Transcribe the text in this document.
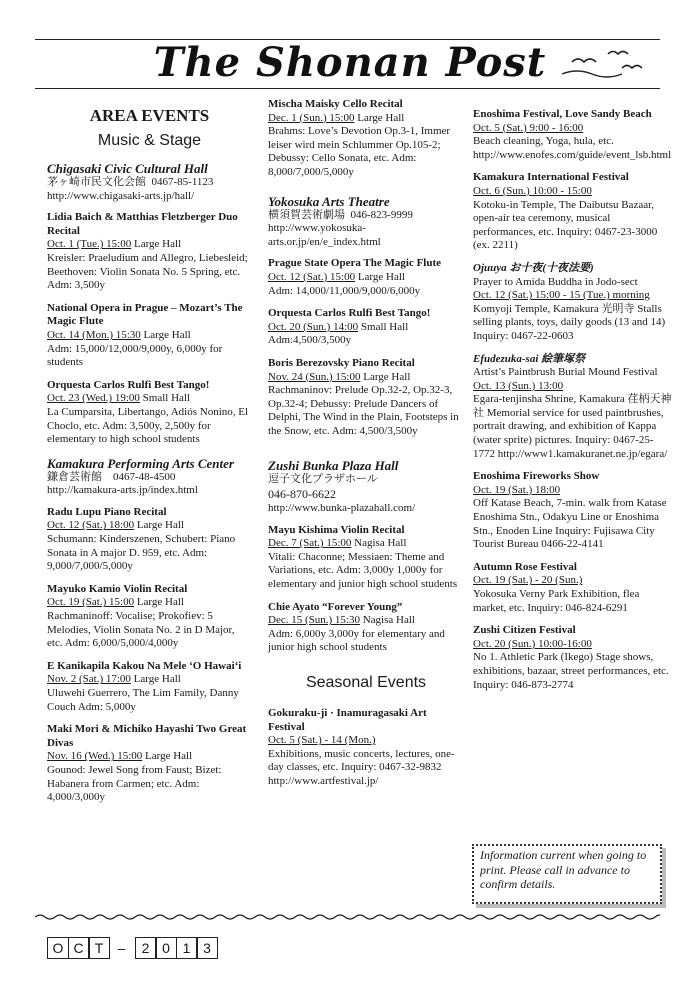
The Shonan Post
AREA EVENTS
Music & Stage
Chigasaki Civic Cultural Hall
茅ヶ崎市民文化会館 0467-85-1123
http://www.chigasaki-arts.jp/hall/
Lidia Baich & Matthias Fletzberger Duo Recital
Oct. 1 (Tue.) 15:00 Large Hall
Kreisler: Praeludium and Allegro, Liebesleid; Beethoven: Violin Sonata No. 5 Spring, etc. Adm: 3,500y
National Opera in Prague – Mozart’s The Magic Flute
Oct. 14 (Mon.) 15:30 Large Hall
Adm: 15,000/12,000/9,000y, 6,000y for students
Orquesta Carlos Rulfi Best Tango!
Oct. 23 (Wed.) 19:00 Small Hall
La Cumparsita, Libertango, Adiós Nonino, El Choclo, etc. Adm: 3,500y, 2,500y for elementary to high school students
Kamakura Performing Arts Center
鎌倉芸術館 0467-48-4500
http://kamakura-arts.jp/index.html
Radu Lupu Piano Recital
Oct. 12 (Sat.) 18:00 Large Hall
Schumann: Kinderszenen, Schubert: Piano Sonata in A major D. 959, etc. Adm: 9,000/7,000/5,000y
Mayuko Kamio Violin Recital
Oct. 19 (Sat.) 15:00 Large Hall
Rachmaninoff: Vocalise; Prokofiev: 5 Melodies, Violin Sonata No. 2 in D Major, etc. Adm: 6,000/5,000/4,000y
E Kanikapila Kakou Na Mele ‘O Hawai‘i
Nov. 2 (Sat.) 17:00 Large Hall
Uluwehi Guerrero, The Lim Family, Danny Couch Adm: 5,000y
Maki Mori & Michiko Hayashi Two Great Divas
Nov. 16 (Wed.) 15:00 Large Hall
Gounod: Jewel Song from Faust; Bizet: Habanera from Carmen; etc. Adm: 4,000/3,000y
Mischa Maisky Cello Recital
Dec. 1 (Sun.) 15:00 Large Hall
Brahms: Love’s Devotion Op.3-1, Immer leiser wird mein Schlummer Op.105-2; Debussy: Cello Sonata, etc. Adm: 8,000/7,000/5,000y
Yokosuka Arts Theatre
横須賀芸術劇場 046-823-9999
http://www.yokosuka-arts.or.jp/en/e_index.html
Prague State Opera The Magic Flute
Oct. 12 (Sat.) 15:00 Large Hall
Adm: 14,000/11,000/9,000/6,000y
Orquesta Carlos Rulfi Best Tango!
Oct. 20 (Sun.) 14:00 Small Hall
Adm:4,500/3,500y
Boris Berezovsky Piano Recital
Nov. 24 (Sun.) 15:00 Large Hall
Rachmaninov: Prelude Op.32-2, Op.32-3, Op.32-4; Debussy: Prelude Dancers of Delphi, The Wind in the Plain, Footsteps in the Snow, etc. Adm: 4,500/3,500y
Zushi Bunka Plaza Hall
逗子文化プラザホール
046-870-6622
http://www.bunka-plazahall.com/
Mayu Kishima Violin Recital
Dec. 7 (Sat.) 15:00 Nagisa Hall
Vitali: Chaconne; Messiaen: Theme and Variations, etc. Adm: 3,000y 1,000y for elementary and junior high school students
Chie Ayato “Forever Young”
Dec. 15 (Sun.) 15:30 Nagisa Hall
Adm: 6,000y 3,000y for elementary and junior high school students
Seasonal Events
Gokuraku-ji · Inamuragasaki Art Festival
Oct. 5 (Sat.) - 14 (Mon.)
Exhibitions, music concerts, lectures, one-day classes, etc. Inquiry: 0467-32-9832 http://www.artfestival.jp/
Enoshima Festival, Love Sandy Beach
Oct. 5 (Sat.) 9:00 - 16:00
Beach cleaning, Yoga, hula, etc. http://www.enofes.com/guide/event_lsb.html
Kamakura International Festival
Oct. 6 (Sun.) 10:00 - 15:00
Kotoku-in Temple, The Daibutsu Bazaar, open-air tea ceremony, musical performances, etc. Inquiry: 0467-23-3000 (ex. 2211)
Ojuuya お十夜(十夜法要)
Prayer to Amida Buddha in Jodo-sect
Oct. 12 (Sat.) 15:00 - 15 (Tue.) morning
Komyoji Temple, Kamakura 光明寺 Stalls selling plants, toys, daily goods (13 and 14) Inquiry: 0467-22-0603
Efudezuka-sai 絵筆塚祭
Artist’s Paintbrush Burial Mound Festival
Oct. 13 (Sun.) 13:00
Egara-tenjinsha Shrine, Kamakura 荏柄天神社 Memorial service for used paintbrushes, portrait drawing, and exhibition of Kappa (water sprite) pictures. Inquiry: 0467-25-1772 http://www1.kamakuranet.ne.jp/egara/
Enoshima Fireworks Show
Oct. 19 (Sat.) 18:00
Off Katase Beach, 7-min. walk from Katase Enoshima Stn., Odakyu Line or Enoshima Stn., Enoden Line Inquiry: Fujisawa City Tourist Bureau 0466-22-4141
Autumn Rose Festival
Oct. 19 (Sat.) - 20 (Sun.)
Yokosuka Verny Park Exhibition, flea market, etc. Inquiry: 046-824-6291
Zushi Citizen Festival
Oct. 20 (Sun.) 10:00-16:00
No 1. Athletic Park (Ikego) Stage shows, exhibitions, bazaar, street performances, etc. Inquiry: 046-873-2774
Information current when going to print. Please call in advance to confirm details.
O C T	–	2 0 1 3
